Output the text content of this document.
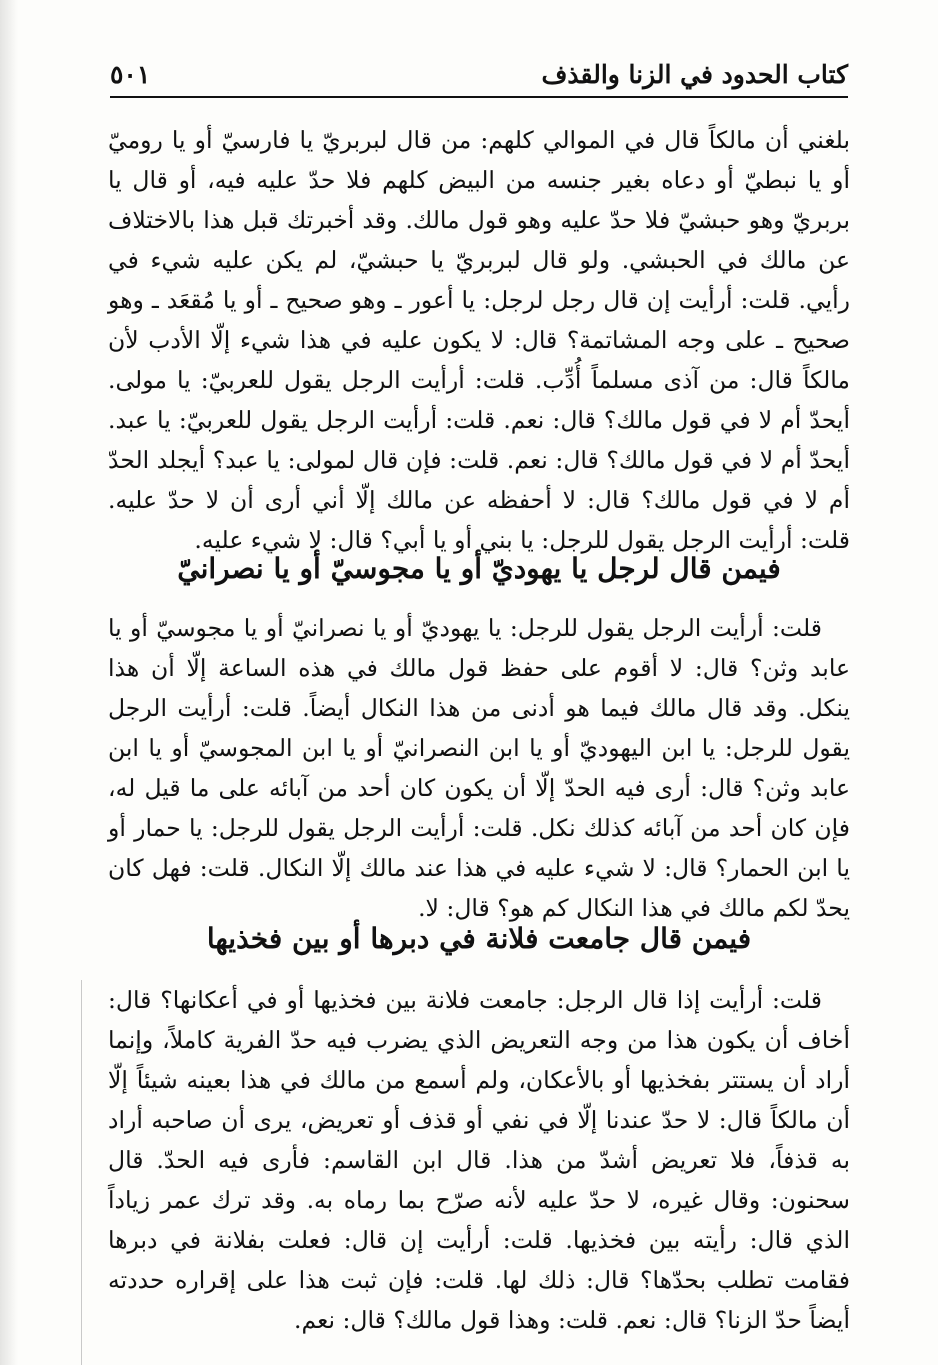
كتاب الحدود في الزنا والقذف
٥٠١

بلغني أن مالكاً قال في الموالي كلهم: من قال لبربريّ يا فارسيّ أو يا روميّ أو يا نبطيّ أو دعاه بغير جنسه من البيض كلهم فلا حدّ عليه فيه، أو قال يا بربريّ وهو حبشيّ فلا حدّ عليه وهو قول مالك. وقد أخبرتك قبل هذا بالاختلاف عن مالك في الحبشي. ولو قال لبربريّ يا حبشيّ، لم يكن عليه شيء في رأيي. قلت: أرأيت إن قال رجل لرجل: يا أعور ـ وهو صحيح ـ أو يا مُقعَد ـ وهو صحيح ـ على وجه المشاتمة؟ قال: لا يكون عليه في هذا شيء إلّا الأدب لأن مالكاً قال: من آذى مسلماً أُدِّب. قلت: أرأيت الرجل يقول للعربيّ: يا مولى. أيحدّ أم لا في قول مالك؟ قال: نعم. قلت: أرأيت الرجل يقول للعربيّ: يا عبد. أيحدّ أم لا في قول مالك؟ قال: نعم. قلت: فإن قال لمولى: يا عبد؟ أيجلد الحدّ أم لا في قول مالك؟ قال: لا أحفظه عن مالك إلّا أني أرى أن لا حدّ عليه. قلت: أرأيت الرجل يقول للرجل: يا بني أو يا أبي؟ قال: لا شيء عليه.

فيمن قال لرجل يا يهوديّ أو يا مجوسيّ أو يا نصرانيّ

قلت: أرأيت الرجل يقول للرجل: يا يهوديّ أو يا نصرانيّ أو يا مجوسيّ أو يا عابد وثن؟ قال: لا أقوم على حفظ قول مالك في هذه الساعة إلّا أن هذا ينكل. وقد قال مالك فيما هو أدنى من هذا النكال أيضاً. قلت: أرأيت الرجل يقول للرجل: يا ابن اليهوديّ أو يا ابن النصرانيّ أو يا ابن المجوسيّ أو يا ابن عابد وثن؟ قال: أرى فيه الحدّ إلّا أن يكون كان أحد من آبائه على ما قيل له، فإن كان أحد من آبائه كذلك نكل. قلت: أرأيت الرجل يقول للرجل: يا حمار أو يا ابن الحمار؟ قال: لا شيء عليه في هذا عند مالك إلّا النكال. قلت: فهل كان يحدّ لكم مالك في هذا النكال كم هو؟ قال: لا.

فيمن قال جامعت فلانة في دبرها أو بين فخذيها

قلت: أرأيت إذا قال الرجل: جامعت فلانة بين فخذيها أو في أعكانها؟ قال: أخاف أن يكون هذا من وجه التعريض الذي يضرب فيه حدّ الفرية كاملاً، وإنما أراد أن يستتر بفخذيها أو بالأعكان، ولم أسمع من مالك في هذا بعينه شيئاً إلّا أن مالكاً قال: لا حدّ عندنا إلّا في نفي أو قذف أو تعريض، يرى أن صاحبه أراد به قذفاً، فلا تعريض أشدّ من هذا. قال ابن القاسم: فأرى فيه الحدّ. قال سحنون: وقال غيره، لا حدّ عليه لأنه صرّح بما رماه به. وقد ترك عمر زياداً الذي قال: رأيته بين فخذيها. قلت: أرأيت إن قال: فعلت بفلانة في دبرها فقامت تطلب بحدّها؟ قال: ذلك لها. قلت: فإن ثبت هذا على إقراره حددته أيضاً حدّ الزنا؟ قال: نعم. قلت: وهذا قول مالك؟ قال: نعم.
